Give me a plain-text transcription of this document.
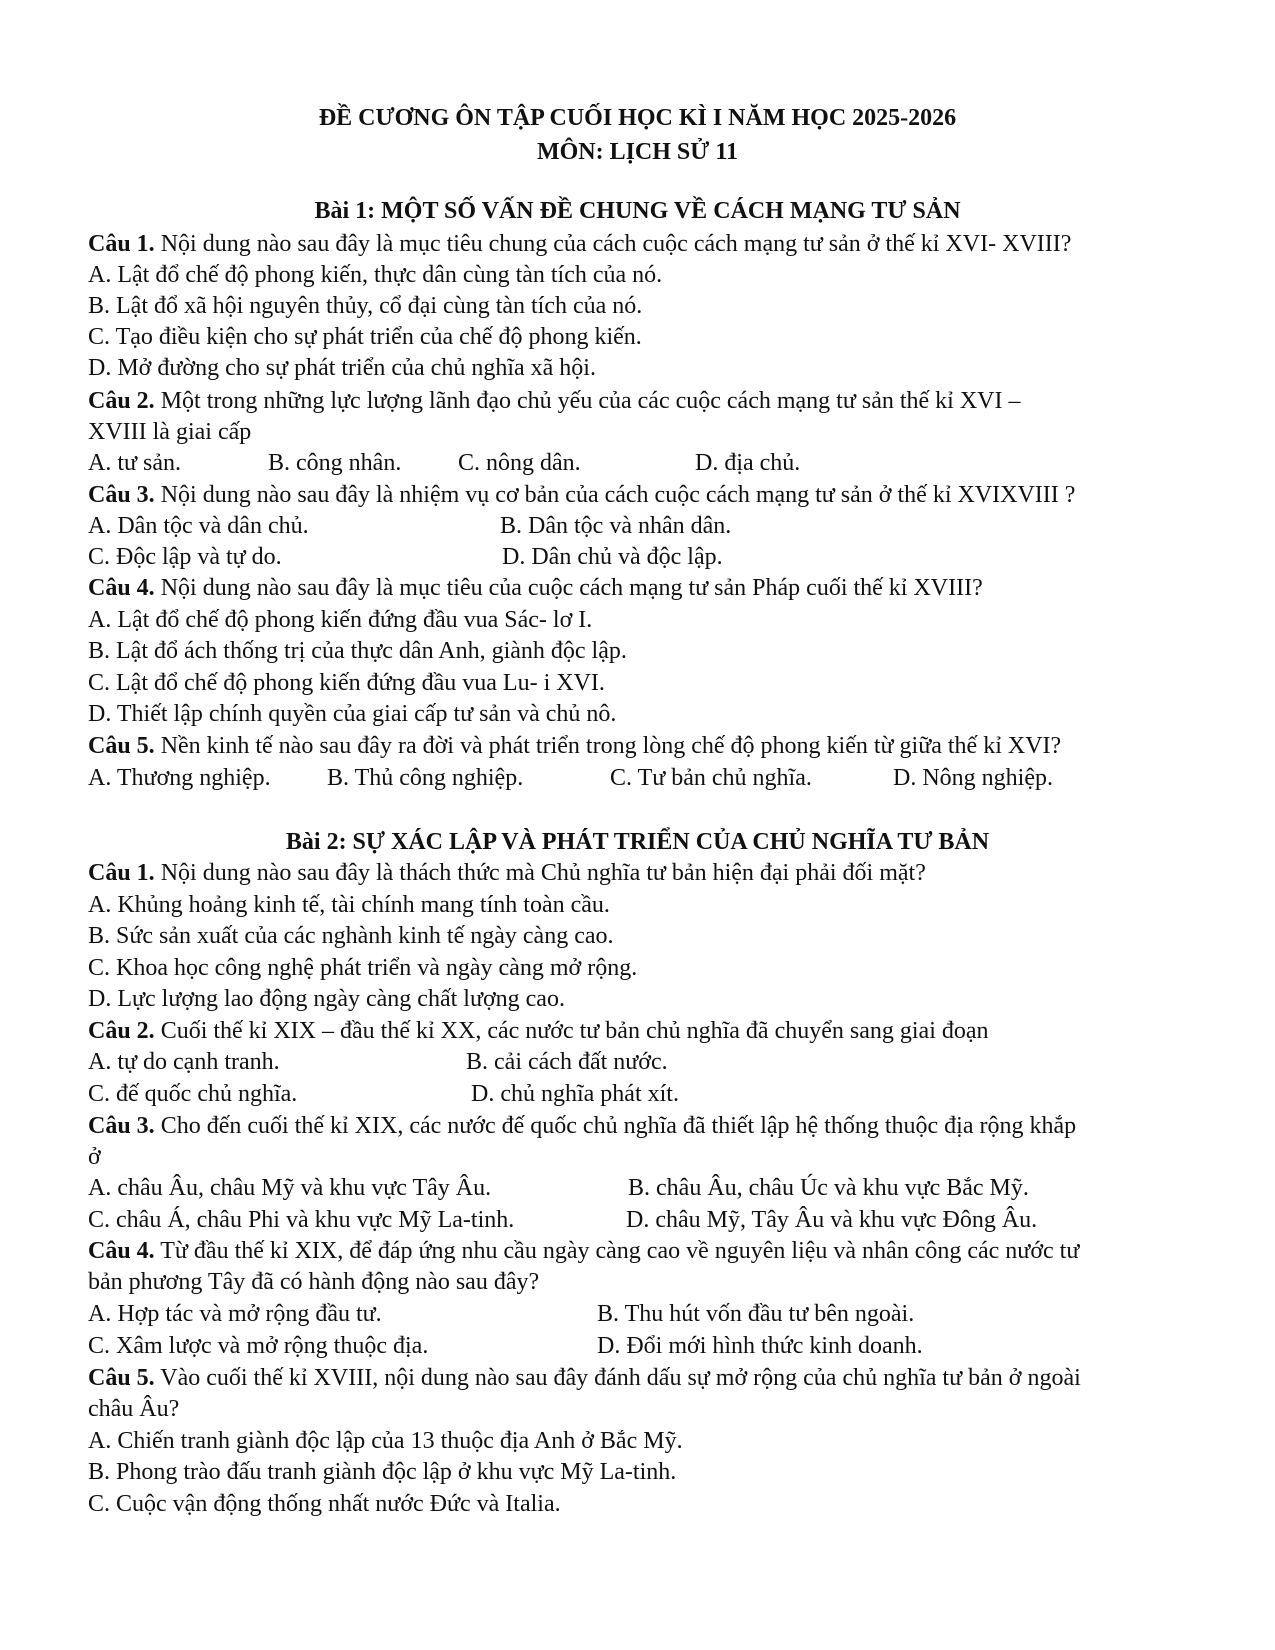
ĐỀ CƯƠNG ÔN TẬP CUỐI HỌC KÌ I NĂM HỌC 2025-2026
MÔN: LỊCH SỬ 11
Bài 1: MỘT SỐ VẤN ĐỀ CHUNG VỀ CÁCH MẠNG TƯ SẢN
Câu 1. Nội dung nào sau đây là mục tiêu chung của cách cuộc cách mạng tư sản ở thế kỉ XVI- XVIII?
A. Lật đổ chế độ phong kiến, thực dân cùng tàn tích của nó.
B. Lật đổ xã hội nguyên thủy, cổ đại cùng tàn tích của nó.
C. Tạo điều kiện cho sự phát triển của chế độ phong kiến.
D. Mở đường cho sự phát triển của chủ nghĩa xã hội.
Câu 2. Một trong những lực lượng lãnh đạo chủ yếu của các cuộc cách mạng tư sản thế kỉ XVI –
XVIII là giai cấp
A. tư sản.	B. công nhân. C. nông dân.	D. địa chủ.
Câu 3. Nội dung nào sau đây là nhiệm vụ cơ bản của cách cuộc cách mạng tư sản ở thế kỉ XVIXVIII ?
A. Dân tộc và dân chủ.	B. Dân tộc và nhân dân.
C. Độc lập và tự do.	D. Dân chủ và độc lập.
Câu 4. Nội dung nào sau đây là mục tiêu của cuộc cách mạng tư sản Pháp cuối thế kỉ XVIII?
A. Lật đổ chế độ phong kiến đứng đầu vua Sác- lơ I.
B. Lật đổ ách thống trị của thực dân Anh, giành độc lập.
C. Lật đổ chế độ phong kiến đứng đầu vua Lu- i XVI.
D. Thiết lập chính quyền của giai cấp tư sản và chủ nô.
Câu 5. Nền kinh tế nào sau đây ra đời và phát triển trong lòng chế độ phong kiến từ giữa thế kỉ XVI?
A. Thương nghiệp. B. Thủ công nghiệp.	C. Tư bản chủ nghĩa.	D. Nông nghiệp.
Bài 2: SỰ XÁC LẬP VÀ PHÁT TRIỂN CỦA CHỦ NGHĨA TƯ BẢN
Câu 1. Nội dung nào sau đây là thách thức mà Chủ nghĩa tư bản hiện đại phải đối mặt?
A. Khủng hoảng kinh tế, tài chính mang tính toàn cầu.
B. Sức sản xuất của các nghành kinh tế ngày càng cao.
C. Khoa học công nghệ phát triển và ngày càng mở rộng.
D. Lực lượng lao động ngày càng chất lượng cao.
Câu 2. Cuối thế kỉ XIX – đầu thế kỉ XX, các nước tư bản chủ nghĩa đã chuyển sang giai đoạn
A. tự do cạnh tranh.	B. cải cách đất nước.
C. đế quốc chủ nghĩa.	D. chủ nghĩa phát xít.
Câu 3. Cho đến cuối thế kỉ XIX, các nước đế quốc chủ nghĩa đã thiết lập hệ thống thuộc địa rộng khắp
ở
A. châu Âu, châu Mỹ và khu vực Tây Âu.	B. châu Âu, châu Úc và khu vực Bắc Mỹ.
C. châu Á, châu Phi và khu vực Mỹ La-tinh.	D. châu Mỹ, Tây Âu và khu vực Đông Âu.
Câu 4. Từ đầu thế kỉ XIX, để đáp ứng nhu cầu ngày càng cao về nguyên liệu và nhân công các nước tư
bản phương Tây đã có hành động nào sau đây?
A. Hợp tác và mở rộng đầu tư.	B. Thu hút vốn đầu tư bên ngoài.
C. Xâm lược và mở rộng thuộc địa.	D. Đổi mới hình thức kinh doanh.
Câu 5. Vào cuối thế kỉ XVIII, nội dung nào sau đây đánh dấu sự mở rộng của chủ nghĩa tư bản ở ngoài
châu Âu?
A. Chiến tranh giành độc lập của 13 thuộc địa Anh ở Bắc Mỹ.
B. Phong trào đấu tranh giành độc lập ở khu vực Mỹ La-tinh.
C. Cuộc vận động thống nhất nước Đức và Italia.
